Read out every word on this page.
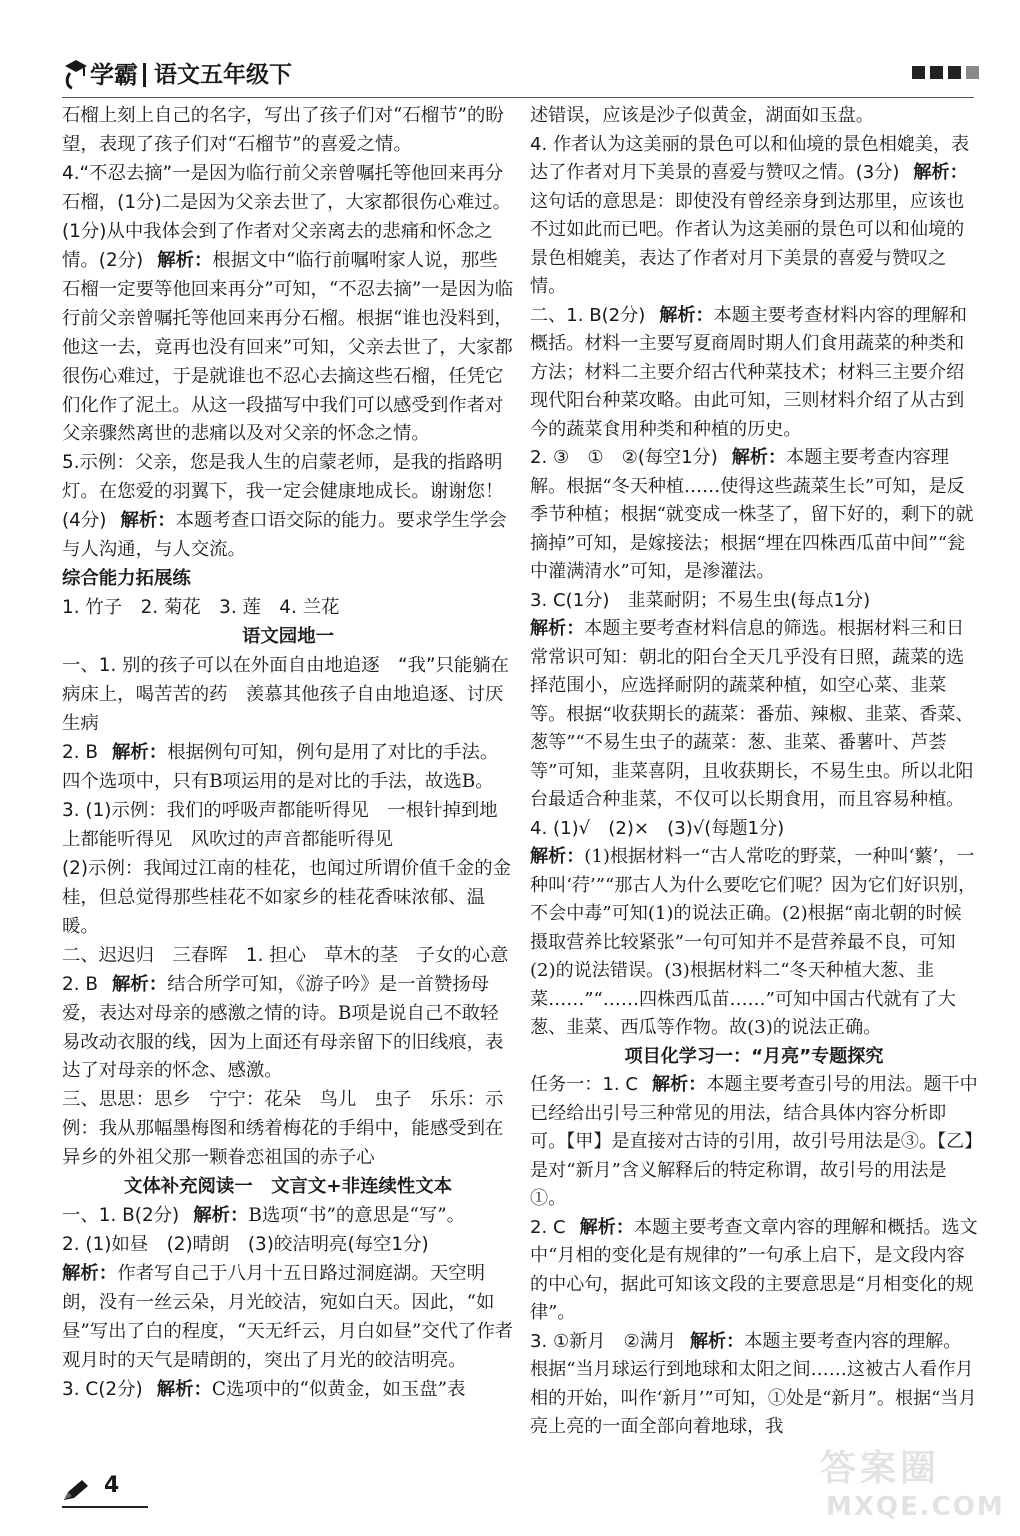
学霸 语文五年级下

石榴上刻上自己的名字，写出了孩子们对“石榴节”的盼望，表现了孩子们对“石榴节”的喜爱之情。

4.“不忍去摘”一是因为临行前父亲曾嘱托等他回来再分石榴，(1分)二是因为父亲去世了，大家都很伤心难过。(1分)从中我体会到了作者对父亲离去的悲痛和怀念之情。(2分) 解析：根据文中“临行前嘱咐家人说，那些石榴一定要等他回来再分”可知，“不忍去摘”一是因为临行前父亲曾嘱托等他回来再分石榴。根据“谁也没料到，他这一去，竟再也没有回来”可知，父亲去世了，大家都很伤心难过，于是就谁也不忍心去摘这些石榴，任凭它们化作了泥土。从这一段描写中我们可以感受到作者对父亲骤然离世的悲痛以及对父亲的怀念之情。

5.示例：父亲，您是我人生的启蒙老师，是我的指路明灯。在您爱的羽翼下，我一定会健康地成长。谢谢您！(4分) 解析：本题考查口语交际的能力。要求学生学会与人沟通，与人交流。

综合能力拓展练

1. 竹子　2. 菊花　3. 莲　4. 兰花

语文园地一

一、1. 别的孩子可以在外面自由地追逐　“我”只能躺在病床上，喝苦苦的药　羡慕其他孩子自由地追逐、讨厌生病

2. B 解析：根据例句可知，例句是用了对比的手法。四个选项中，只有B项运用的是对比的手法，故选B。

3. (1)示例：我们的呼吸声都能听得见　一根针掉到地上都能听得见　风吹过的声音都能听得见

(2)示例：我闻过江南的桂花，也闻过所谓价值千金的金桂，但总觉得那些桂花不如家乡的桂花香味浓郁、温暖。

二、迟迟归　三春晖　1. 担心　草木的茎　子女的心意

2. B 解析：结合所学可知，《游子吟》是一首赞扬母爱，表达对母亲的感激之情的诗。B项是说自己不敢轻易改动衣服的线，因为上面还有母亲留下的旧线痕，表达了对母亲的怀念、感激。

三、思思：思乡　宁宁：花朵　鸟儿　虫子　乐乐：示例：我从那幅墨梅图和绣着梅花的手绢中，能感受到在异乡的外祖父那一颗眷恋祖国的赤子心

文体补充阅读一　文言文+非连续性文本

一、1. B(2分) 解析：B选项“书”的意思是“写”。

2. (1)如昼　(2)晴朗　(3)皎洁明亮(每空1分)

解析：作者写自己于八月十五日路过洞庭湖。天空明朗，没有一丝云朵，月光皎洁，宛如白天。因此，“如昼”写出了白的程度，“天无纤云，月白如昼”交代了作者观月时的天气是晴朗的，突出了月光的皎洁明亮。

3. C(2分) 解析：C选项中的“似黄金，如玉盘”表

述错误，应该是沙子似黄金，湖面如玉盘。

4. 作者认为这美丽的景色可以和仙境的景色相媲美，表达了作者对月下美景的喜爱与赞叹之情。(3分) 解析：这句话的意思是：即使没有曾经亲身到达那里，应该也不过如此而已吧。作者认为这美丽的景色可以和仙境的景色相媲美，表达了作者对月下美景的喜爱与赞叹之情。

二、1. B(2分) 解析：本题主要考查材料内容的理解和概括。材料一主要写夏商周时期人们食用蔬菜的种类和方法；材料二主要介绍古代种菜技术；材料三主要介绍现代阳台种菜攻略。由此可知，三则材料介绍了从古到今的蔬菜食用种类和种植的历史。

2. ③　①　②(每空1分) 解析：本题主要考查内容理解。根据“冬天种植……使得这些蔬菜生长”可知，是反季节种植；根据“就变成一株茎了，留下好的，剩下的就摘掉”可知，是嫁接法；根据“埋在四株西瓜苗中间”“瓮中灌满清水”可知，是渗灌法。

3. C(1分)　韭菜耐阴；不易生虫(每点1分)

解析：本题主要考查材料信息的筛选。根据材料三和日常常识可知：朝北的阳台全天几乎没有日照，蔬菜的选择范围小，应选择耐阴的蔬菜种植，如空心菜、韭菜等。根据“收获期长的蔬菜：番茄、辣椒、韭菜、香菜、葱等”“不易生虫子的蔬菜：葱、韭菜、番薯叶、芦荟等”可知，韭菜喜阴，且收获期长，不易生虫。所以北阳台最适合种韭菜，不仅可以长期食用，而且容易种植。

4. (1)√　(2)×　(3)√(每题1分)

解析：(1)根据材料一“古人常吃的野菜，一种叫‘蘩’，一种叫‘荇’”“那古人为什么要吃它们呢？因为它们好识别，不会中毒”可知(1)的说法正确。(2)根据“南北朝的时候摄取营养比较紧张”一句可知并不是营养最不良，可知(2)的说法错误。(3)根据材料二“冬天种植大葱、韭菜……”“……四株西瓜苗……”可知中国古代就有了大葱、韭菜、西瓜等作物。故(3)的说法正确。

项目化学习一：“月亮”专题探究

任务一：1. C 解析：本题主要考查引号的用法。题干中已经给出引号三种常见的用法，结合具体内容分析即可。【甲】是直接对古诗的引用，故引号用法是③。【乙】是对“新月”含义解释后的特定称谓，故引号的用法是①。

2. C 解析：本题主要考查文章内容的理解和概括。选文中“月相的变化是有规律的”一句承上启下，是文段内容的中心句，据此可知该文段的主要意思是“月相变化的规律”。

3. ①新月　②满月 解析：本题主要考查内容的理解。根据“当月球运行到地球和太阳之间……这被古人看作月相的开始，叫作‘新月’”可知，①处是“新月”。根据“当月亮上亮的一面全部向着地球，我

4	答案圈
MXQE.COM
